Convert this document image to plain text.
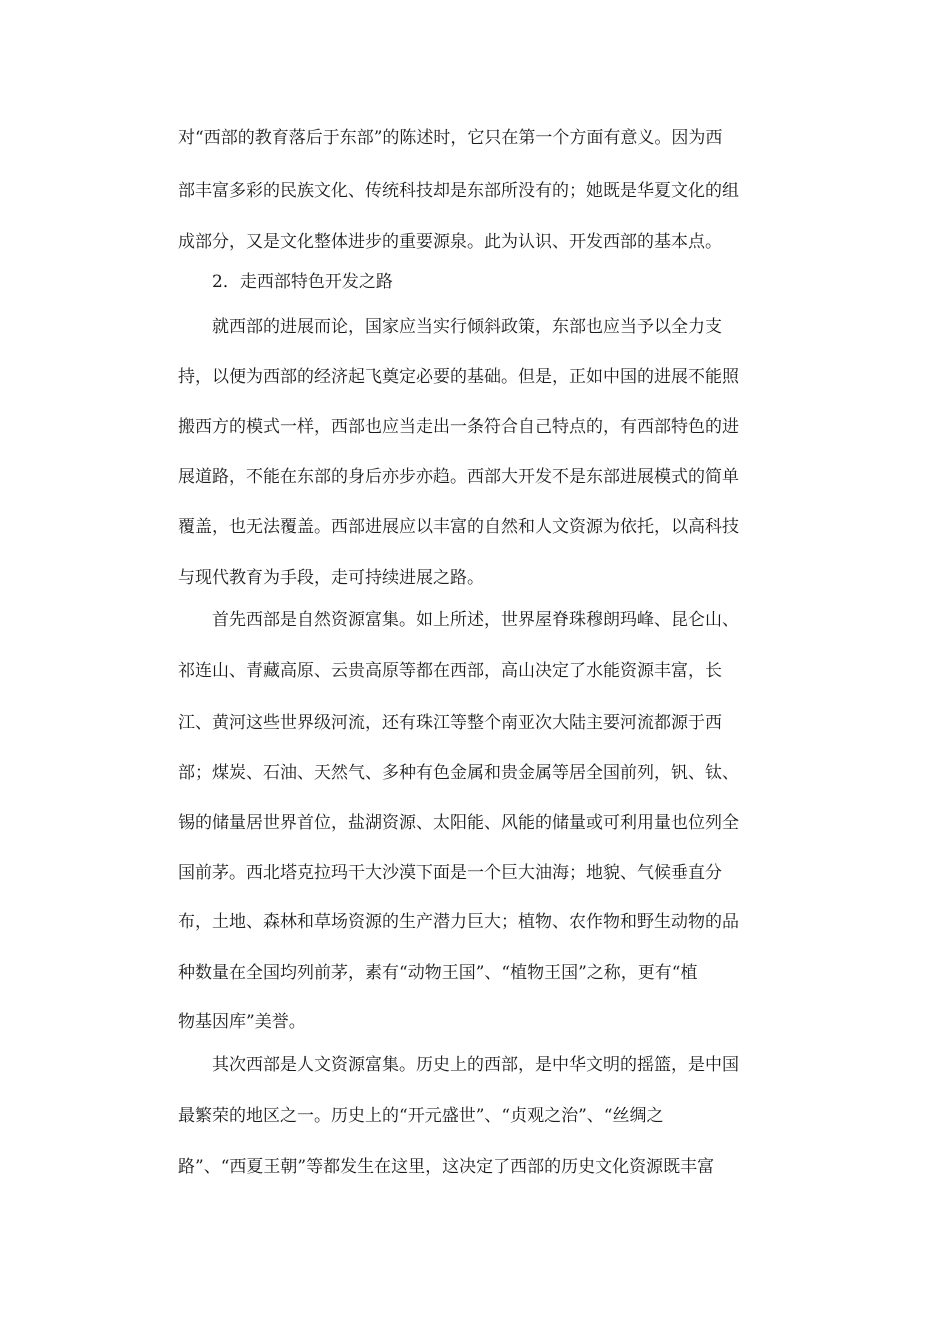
对“西部的教育落后于东部”的陈述时，它只在第一个方面有意义。因为西
部丰富多彩的民族文化、传统科技却是东部所没有的；她既是华夏文化的组
成部分，又是文化整体进步的重要源泉。此为认识、开发西部的基本点。
2．走西部特色开发之路
就西部的进展而论，国家应当实行倾斜政策，东部也应当予以全力支
持，以便为西部的经济起飞奠定必要的基础。但是，正如中国的进展不能照
搬西方的模式一样，西部也应当走出一条符合自己特点的，有西部特色的进
展道路，不能在东部的身后亦步亦趋。西部大开发不是东部进展模式的简单
覆盖，也无法覆盖。西部进展应以丰富的自然和人文资源为依托，以高科技
与现代教育为手段，走可持续进展之路。
首先西部是自然资源富集。如上所述，世界屋脊珠穆朗玛峰、昆仑山、
祁连山、青藏高原、云贵高原等都在西部，高山决定了水能资源丰富，长
江、黄河这些世界级河流，还有珠江等整个南亚次大陆主要河流都源于西
部；煤炭、石油、天然气、多种有色金属和贵金属等居全国前列，钒、钛、
锡的储量居世界首位，盐湖资源、太阳能、风能的储量或可利用量也位列全
国前茅。西北塔克拉玛干大沙漠下面是一个巨大油海；地貌、气候垂直分
布，土地、森林和草场资源的生产潜力巨大；植物、农作物和野生动物的品
种数量在全国均列前茅，素有“动物王国”、“植物王国”之称，更有“植
物基因库”美誉。
其次西部是人文资源富集。历史上的西部，是中华文明的摇篮，是中国
最繁荣的地区之一。历史上的“开元盛世”、“贞观之治”、“丝绸之
路”、“西夏王朝”等都发生在这里，这决定了西部的历史文化资源既丰富
